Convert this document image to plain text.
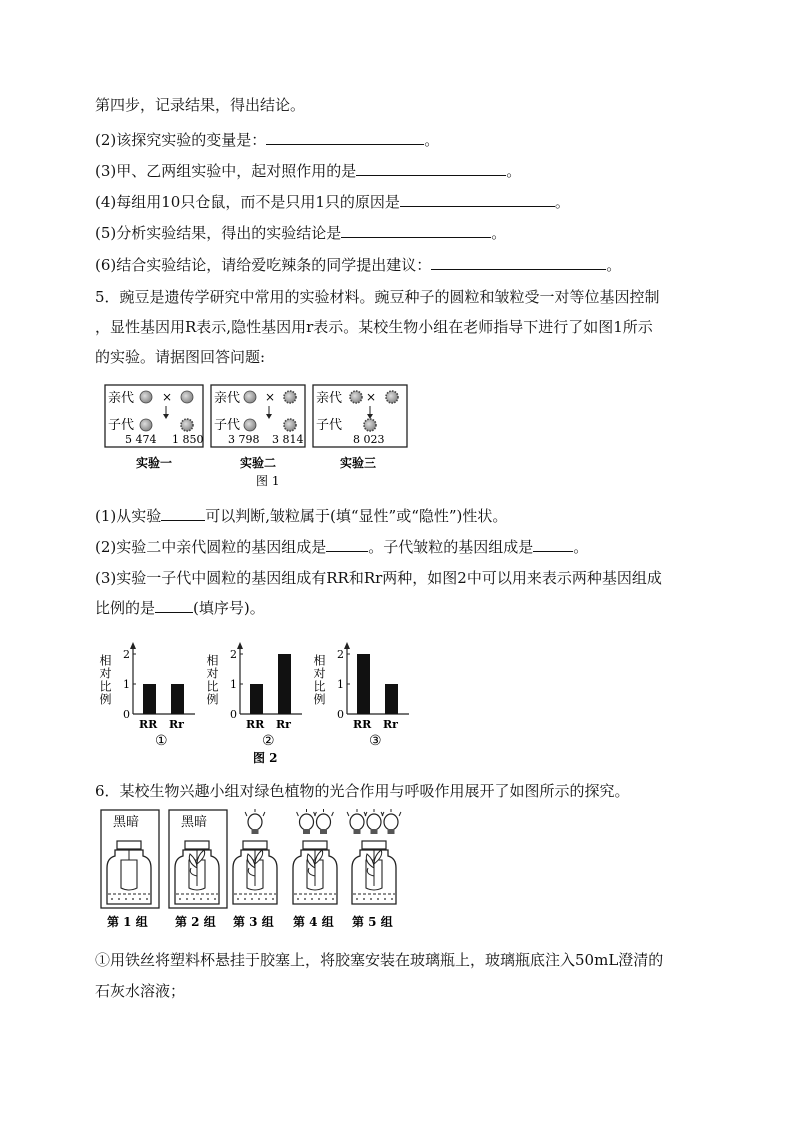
第四步，记录结果，得出结论。
(2)该探究实验的变量是：	。
(3)甲、乙两组实验中，起对照作用的是	。
(4)每组用10只仓鼠，而不是只用1只的原因是	。
(5)分析实验结果，得出的实验结论是	。
(6)结合实验结论，请给爱吃辣条的同学提出建议：	。
5．豌豆是遗传学研究中常用的实验材料。豌豆种子的圆粒和皱粒受一对等位基因控制
，显性基因用R表示,隐性基因用r表示。某校生物小组在老师指导下进行了如图1所示
的实验。请据图回答问题:
亲代 ×
子代
5 474 1 850
实验一
亲代 ×
子代
3 798 3 814
实验二
亲代 ×
子代
8 023
实验三
图 1
(1)从实验	可以判断,皱粒属于(填“显性”或“隐性”)性状。
(2)实验二中亲代圆粒的基因组成是	。子代皱粒的基因组成是	。
(3)实验一子代中圆粒的基因组成有RR和Rr两种，如图2中可以用来表示两种基因组成
比例的是	(填序号)。
相对比例
0
1
2
RR Rr
①
相对比例
0
1
2
RR Rr
②
相对比例
0
1
2
RR Rr
③
图 2
6．某校生物兴趣小组对绿色植物的光合作用与呼吸作用展开了如图所示的探究。
黑暗
第 1 组
黑暗
第 2 组 第 3 组 第 4 组 第 5 组
①用铁丝将塑料杯悬挂于胶塞上，将胶塞安装在玻璃瓶上，玻璃瓶底注入50mL澄清的
石灰水溶液；
